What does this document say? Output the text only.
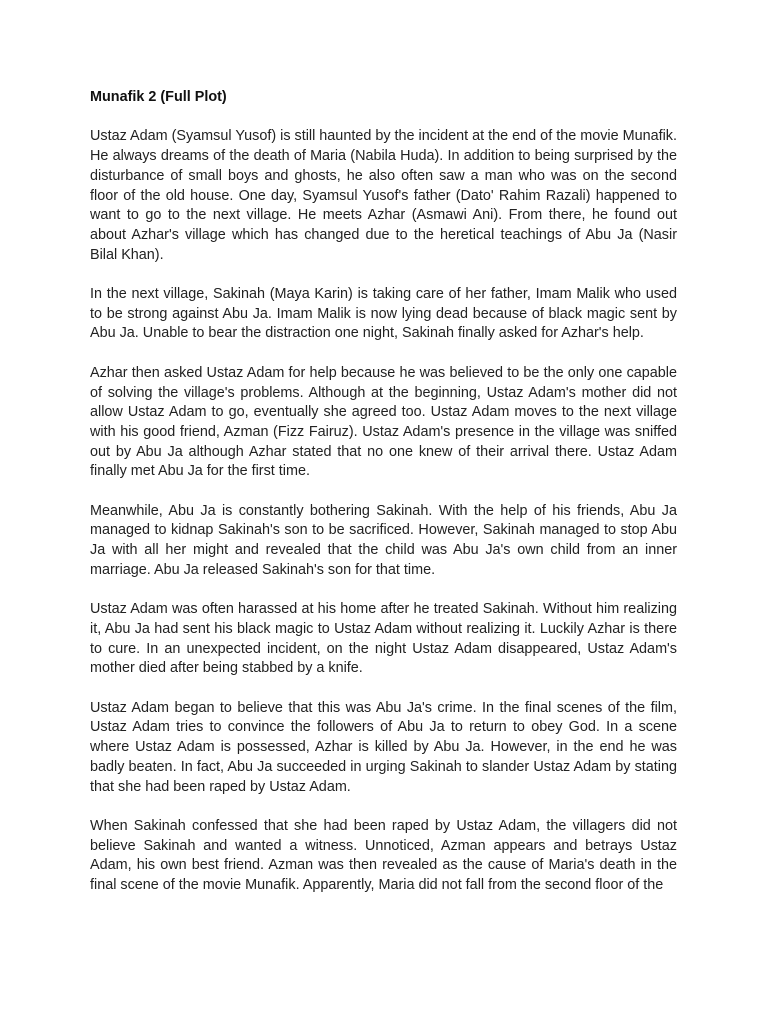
Munafik 2 (Full Plot)

Ustaz Adam (Syamsul Yusof) is still haunted by the incident at the end of the movie Munafik. He always dreams of the death of Maria (Nabila Huda). In addition to being surprised by the disturbance of small boys and ghosts, he also often saw a man who was on the second floor of the old house. One day, Syamsul Yusof's father (Dato' Rahim Razali) happened to want to go to the next village. He meets Azhar (Asmawi Ani). From there, he found out about Azhar's village which has changed due to the heretical teachings of Abu Ja (Nasir Bilal Khan).

In the next village, Sakinah (Maya Karin) is taking care of her father, Imam Malik who used to be strong against Abu Ja. Imam Malik is now lying dead because of black magic sent by Abu Ja. Unable to bear the distraction one night, Sakinah finally asked for Azhar's help.

Azhar then asked Ustaz Adam for help because he was believed to be the only one capable of solving the village's problems. Although at the beginning, Ustaz Adam's mother did not allow Ustaz Adam to go, eventually she agreed too. Ustaz Adam moves to the next village with his good friend, Azman (Fizz Fairuz). Ustaz Adam's presence in the village was sniffed out by Abu Ja although Azhar stated that no one knew of their arrival there. Ustaz Adam finally met Abu Ja for the first time.

Meanwhile, Abu Ja is constantly bothering Sakinah. With the help of his friends, Abu Ja managed to kidnap Sakinah's son to be sacrificed. However, Sakinah managed to stop Abu Ja with all her might and revealed that the child was Abu Ja's own child from an inner marriage. Abu Ja released Sakinah's son for that time.

Ustaz Adam was often harassed at his home after he treated Sakinah. Without him realizing it, Abu Ja had sent his black magic to Ustaz Adam without realizing it. Luckily Azhar is there to cure. In an unexpected incident, on the night Ustaz Adam disappeared, Ustaz Adam's mother died after being stabbed by a knife.

Ustaz Adam began to believe that this was Abu Ja's crime. In the final scenes of the film, Ustaz Adam tries to convince the followers of Abu Ja to return to obey God. In a scene where Ustaz Adam is possessed, Azhar is killed by Abu Ja. However, in the end he was badly beaten. In fact, Abu Ja succeeded in urging Sakinah to slander Ustaz Adam by stating that she had been raped by Ustaz Adam.

When Sakinah confessed that she had been raped by Ustaz Adam, the villagers did not believe Sakinah and wanted a witness. Unnoticed, Azman appears and betrays Ustaz Adam, his own best friend. Azman was then revealed as the cause of Maria's death in the final scene of the movie Munafik. Apparently, Maria did not fall from the second floor of the
